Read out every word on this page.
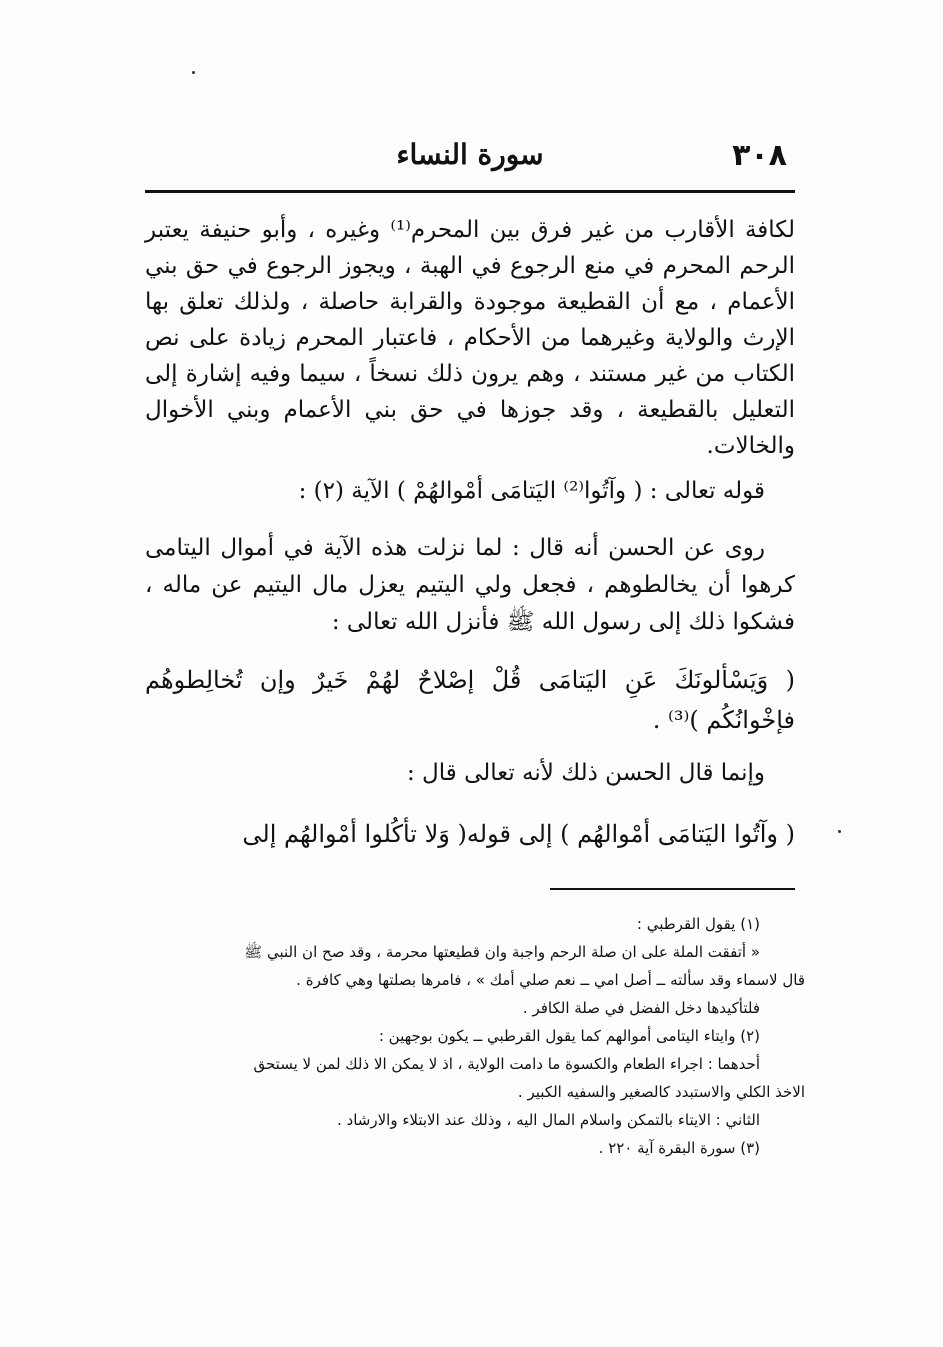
٣٠٨
سورة النساء
لكافة الأقارب من غير فرق بين المحرم⁽¹⁾ وغيره ، وأبو حنيفة يعتبر الرحم المحرم في منع الرجوع في الهبة ، ويجوز الرجوع في حق بني الأعمام ، مع أن القطيعة موجودة والقرابة حاصلة ، ولذلك تعلق بها الإرث والولاية وغيرهما من الأحكام ، فاعتبار المحرم زيادة على نص الكتاب من غير مستند ، وهم يرون ذلك نسخاً ، سيما وفيه إشارة إلى التعليل بالقطيعة ، وقد جوزها في حق بني الأعمام وبني الأخوال والخالات.
قوله تعالى : ( وآتُوا⁽²⁾ اليَتامَى أمْوالهُمْ ) الآية (٢) :
روى عن الحسن أنه قال : لما نزلت هذه الآية في أموال اليتامى كرهوا أن يخالطوهم ، فجعل ولي اليتيم يعزل مال اليتيم عن ماله ، فشكوا ذلك إلى رسول الله ﷺ فأنزل الله تعالى :
( وَيَسْألونَكَ عَنِ اليَتامَى قُلْ إصْلاحٌ لهُمْ خَيرٌ وإن تُخالِطوهُم فإخْوانُكُم )⁽³⁾ .
وإنما قال الحسن ذلك لأنه تعالى قال :
( وآتُوا اليَتامَى أمْوالهُم ) إلى قوله( وَلا تأكُلوا أمْوالهُم إلى
(١) يقول القرطبي :
« أتفقت الملة على ان صلة الرحم واجبة وان قطيعتها محرمة ، وقد صح ان النبي ﷺ
قال لاسماء وقد سألته ــ أصل امي ــ نعم صلي أمك » ، فامرها بصلتها وهي كافرة .
فلتأكيدها دخل الفضل في صلة الكافر .
(٢) وايتاء اليتامى أموالهم كما يقول القرطبي ــ يكون بوجهين :
أحدهما : اجراء الطعام والكسوة ما دامت الولاية ، اذ لا يمكن الا ذلك لمن لا يستحق
الاخذ الكلي والاستبدد كالصغير والسفيه الكبير .
الثاني : الايتاء بالتمكن واسلام المال اليه ، وذلك عند الابتلاء والارشاد .
(٣) سورة البقرة آية ٢٢٠ .
